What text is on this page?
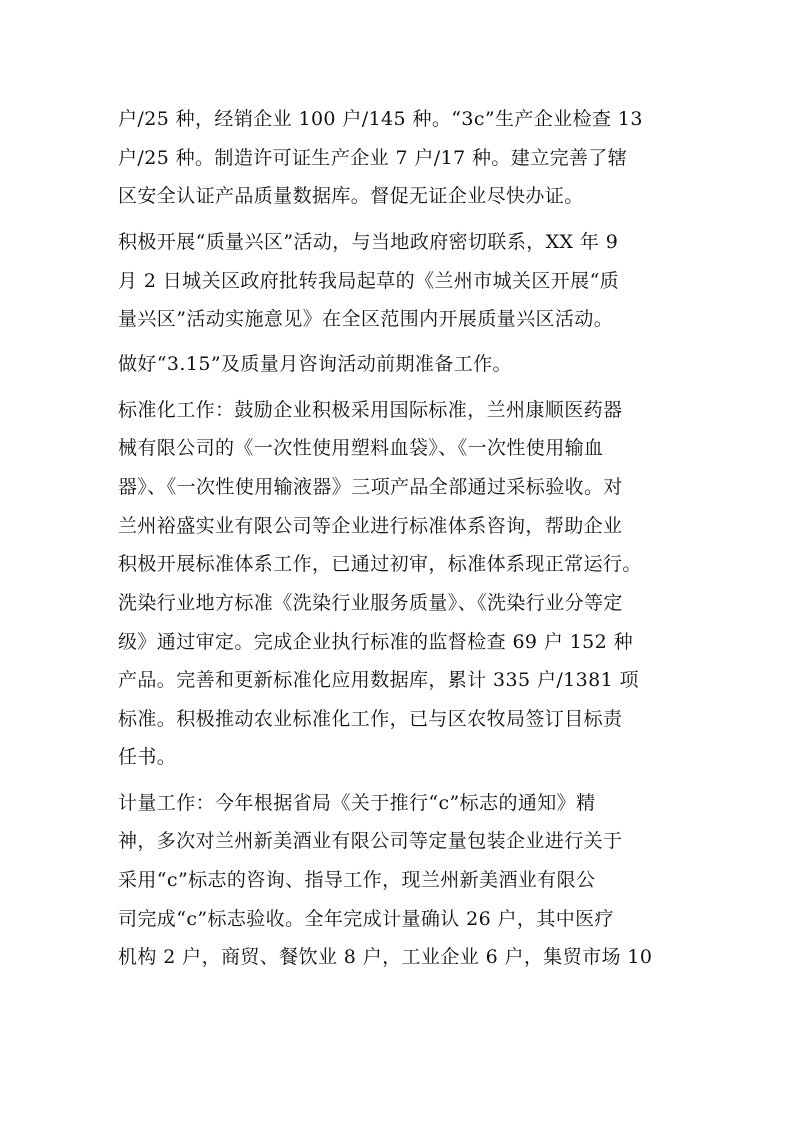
户/25 种，经销企业 100 户/145 种。“3c”生产企业检查 13

户/25 种。制造许可证生产企业 7 户/17 种。建立完善了辖

区安全认证产品质量数据库。督促无证企业尽快办证。

积极开展“质量兴区”活动，与当地政府密切联系，XX 年 9

月 2 日城关区政府批转我局起草的《兰州市城关区开展“质

量兴区”活动实施意见》在全区范围内开展质量兴区活动。

做好“3.15”及质量月咨询活动前期准备工作。

标准化工作：鼓励企业积极采用国际标准，兰州康顺医药器

械有限公司的《一次性使用塑料血袋》、《一次性使用输血

器》、《一次性使用输液器》三项产品全部通过采标验收。对

兰州裕盛实业有限公司等企业进行标准体系咨询，帮助企业

积极开展标准体系工作，已通过初审，标准体系现正常运行。

洗染行业地方标准《洗染行业服务质量》、《洗染行业分等定

级》通过审定。完成企业执行标准的监督检查 69 户 152 种

产品。完善和更新标准化应用数据库，累计 335 户/1381 项

标准。积极推动农业标准化工作，已与区农牧局签订目标责

任书。

计量工作：今年根据省局《关于推行“c”标志的通知》精

神，多次对兰州新美酒业有限公司等定量包装企业进行关于

采用“c”标志的咨询、指导工作，现兰州新美酒业有限公

司完成“c”标志验收。全年完成计量确认 26 户，其中医疗

机构 2 户，商贸、餐饮业 8 户，工业企业 6 户，集贸市场 10
